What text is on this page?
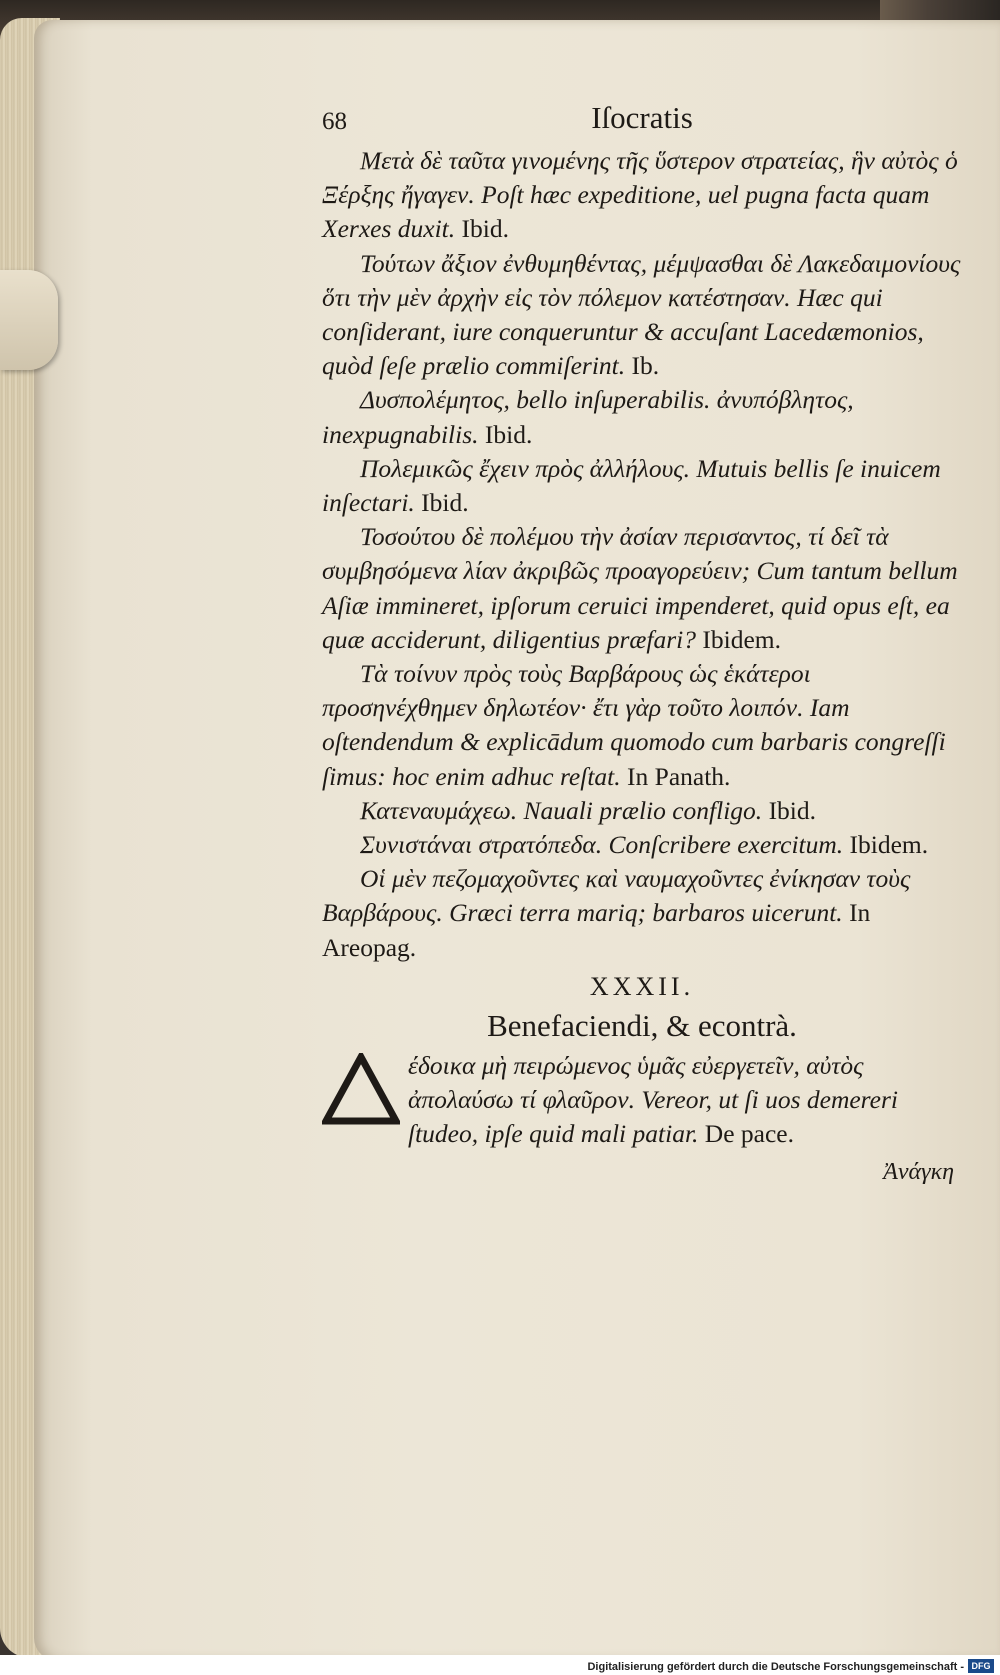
68	Iſocratis

Μετὰ δὲ ταῦτα γινομένης τῆς ὕστερον στρατείας, ἣν αὐτὸς ὁ Ξέρξης ἤγαγεν. Poſt hæc expeditione, uel pugna facta quam Xerxes duxit. Ibid.

Τούτων ἄξιον ἐνθυμηθέντας, μέμψασθαι δὲ Λακεδαιμονίους ὅτι τὴν μὲν ἀρχὴν εἰς τὸν πόλεμον κατέστησαν. Hæc qui conſiderant, iure conqueruntur & accuſant Lacedæmonios, quòd ſeſe prælio commiſerint. Ib.

Δυσπολέμητος, bello inſuperabilis. ἀνυπόβλητος, inexpugnabilis. Ibid.

Πολεμικῶς ἔχειν πρὸς ἀλλήλους. Mutuis bellis ſe inuicem inſectari. Ibid.

Τοσούτου δὲ πολέμου τὴν ἀσίαν περισαντος, τί δεῖ τὰ συμβησόμενα λίαν ἀκριβῶς προαγορεύειν; Cum tantum bellum Aſiæ immineret, ipſorum ceruici impenderet, quid opus eſt, ea quæ acciderunt, diligentius præfari? Ibidem.

Τὰ τοίνυν πρὸς τοὺς Βαρβάρους ὡς ἑκάτεροι προσηνέχθημεν δηλωτέον· ἔτι γὰρ τοῦτο λοιπόν. Iam oſtendendum & explicādum quomodo cum barbaris congreſſi ſimus: hoc enim adhuc reſtat. In Panath.

Κατεναυμάχεω. Nauali prælio confligo. Ibid.

Συνιστάναι στρατόπεδα. Conſcribere exercitum. Ibidem.

Οἱ μὲν πεζομαχοῦντες καὶ ναυμαχοῦντες ἐνίκησαν τοὺς Βαρβάρους. Græci terra mariq; barbaros uicerunt. In Areopag.

XXXII.
Benefaciendi, & econtrà.

έδοικα μὴ πειρώμενος ὑμᾶς εὐεργετεῖν, αὐτὸς ἀπολαύσω τί φλαῦρον. Vereor, ut ſi uos demereri ſtudeo, ipſe quid mali patiar. De pace.

Ἀνάγκη
Digitalisierung gefördert durch die Deutsche Forschungsgemeinschaft - DFG
